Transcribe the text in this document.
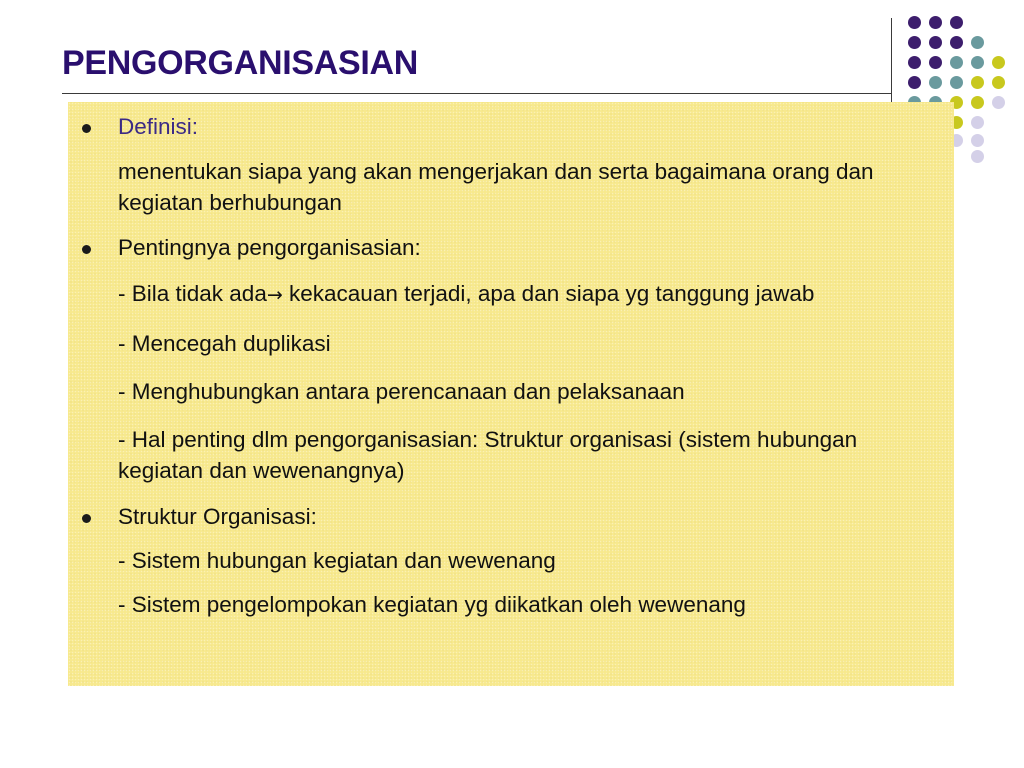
PENGORGANISASIAN
Definisi:
menentukan siapa yang akan mengerjakan dan serta bagaimana orang dan kegiatan berhubungan
Pentingnya pengorganisasian:
- Bila tidak ada→ kekacauan terjadi, apa dan siapa yg tanggung jawab
- Mencegah duplikasi
- Menghubungkan antara perencanaan dan pelaksanaan
- Hal penting dlm pengorganisasian: Struktur organisasi (sistem hubungan kegiatan dan wewenangnya)
Struktur Organisasi:
- Sistem hubungan kegiatan dan wewenang
- Sistem pengelompokan kegiatan yg diikatkan oleh wewenang
